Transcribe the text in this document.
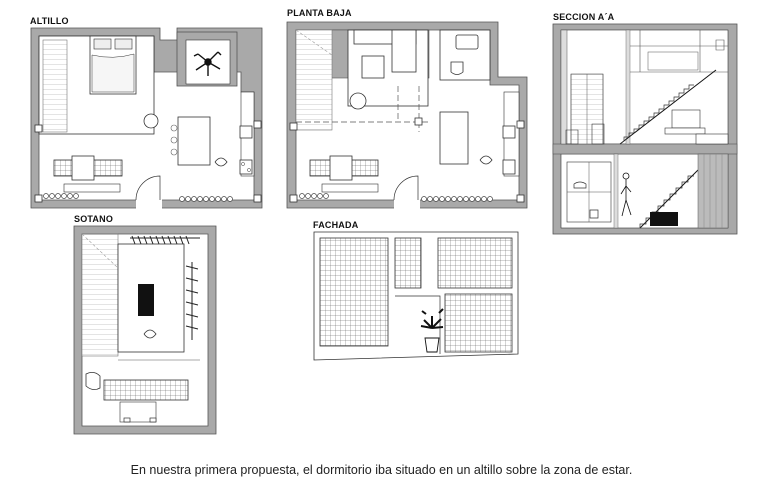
ALTILLO
PLANTA BAJA	SECCION A´A
SOTANO
FACHADA
En nuestra primera propuesta, el dormitorio iba situado en un altillo sobre la zona de estar.
